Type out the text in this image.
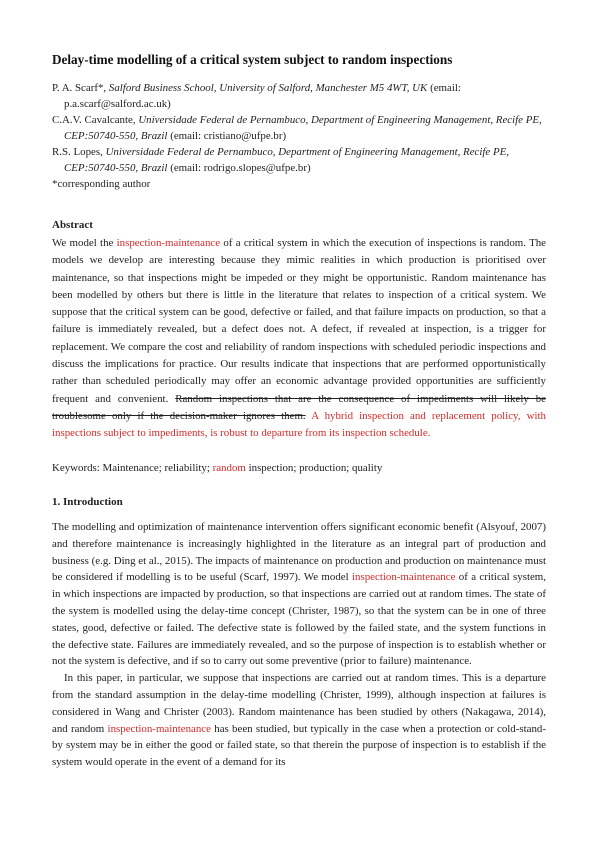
Delay-time modelling of a critical system subject to random inspections
P. A. Scarf*, Salford Business School, University of Salford, Manchester M5 4WT, UK (email: p.a.scarf@salford.ac.uk)
C.A.V. Cavalcante, Universidade Federal de Pernambuco, Department of Engineering Management, Recife PE, CEP:50740-550, Brazil (email: cristiano@ufpe.br)
R.S. Lopes, Universidade Federal de Pernambuco, Department of Engineering Management, Recife PE, CEP:50740-550, Brazil (email: rodrigo.slopes@ufpe.br)
*corresponding author
Abstract
We model the inspection-maintenance of a critical system in which the execution of inspections is random. The models we develop are interesting because they mimic realities in which production is prioritised over maintenance, so that inspections might be impeded or they might be opportunistic. Random maintenance has been modelled by others but there is little in the literature that relates to inspection of a critical system. We suppose that the critical system can be good, defective or failed, and that failure impacts on production, so that a failure is immediately revealed, but a defect does not. A defect, if revealed at inspection, is a trigger for replacement. We compare the cost and reliability of random inspections with scheduled periodic inspections and discuss the implications for practice. Our results indicate that inspections that are performed opportunistically rather than scheduled periodically may offer an economic advantage provided opportunities are sufficiently frequent and convenient. Random inspections that are the consequence of impediments will likely be troublesome only if the decision-maker ignores them. A hybrid inspection and replacement policy, with inspections subject to impediments, is robust to departure from its inspection schedule.
Keywords: Maintenance; reliability; random inspection; production; quality
1. Introduction

The modelling and optimization of maintenance intervention offers significant economic benefit (Alsyouf, 2007) and therefore maintenance is increasingly highlighted in the literature as an integral part of production and business (e.g. Ding et al., 2015). The impacts of maintenance on production and production on maintenance must be considered if modelling is to be useful (Scarf, 1997). We model inspection-maintenance of a critical system, in which inspections are impacted by production, so that inspections are carried out at random times. The state of the system is modelled using the delay-time concept (Christer, 1987), so that the system can be in one of three states, good, defective or failed. The defective state is followed by the failed state, and the system functions in the defective state. Failures are immediately revealed, and so the purpose of inspection is to establish whether or not the system is defective, and if so to carry out some preventive (prior to failure) maintenance.

In this paper, in particular, we suppose that inspections are carried out at random times. This is a departure from the standard assumption in the delay-time modelling (Christer, 1999), although inspection at failures is considered in Wang and Christer (2003). Random maintenance has been studied by others (Nakagawa, 2014), and random inspection-maintenance has been studied, but typically in the case when a protection or cold-stand-by system may be in either the good or failed state, so that therein the purpose of inspection is to establish if the system would operate in the event of a demand for its
